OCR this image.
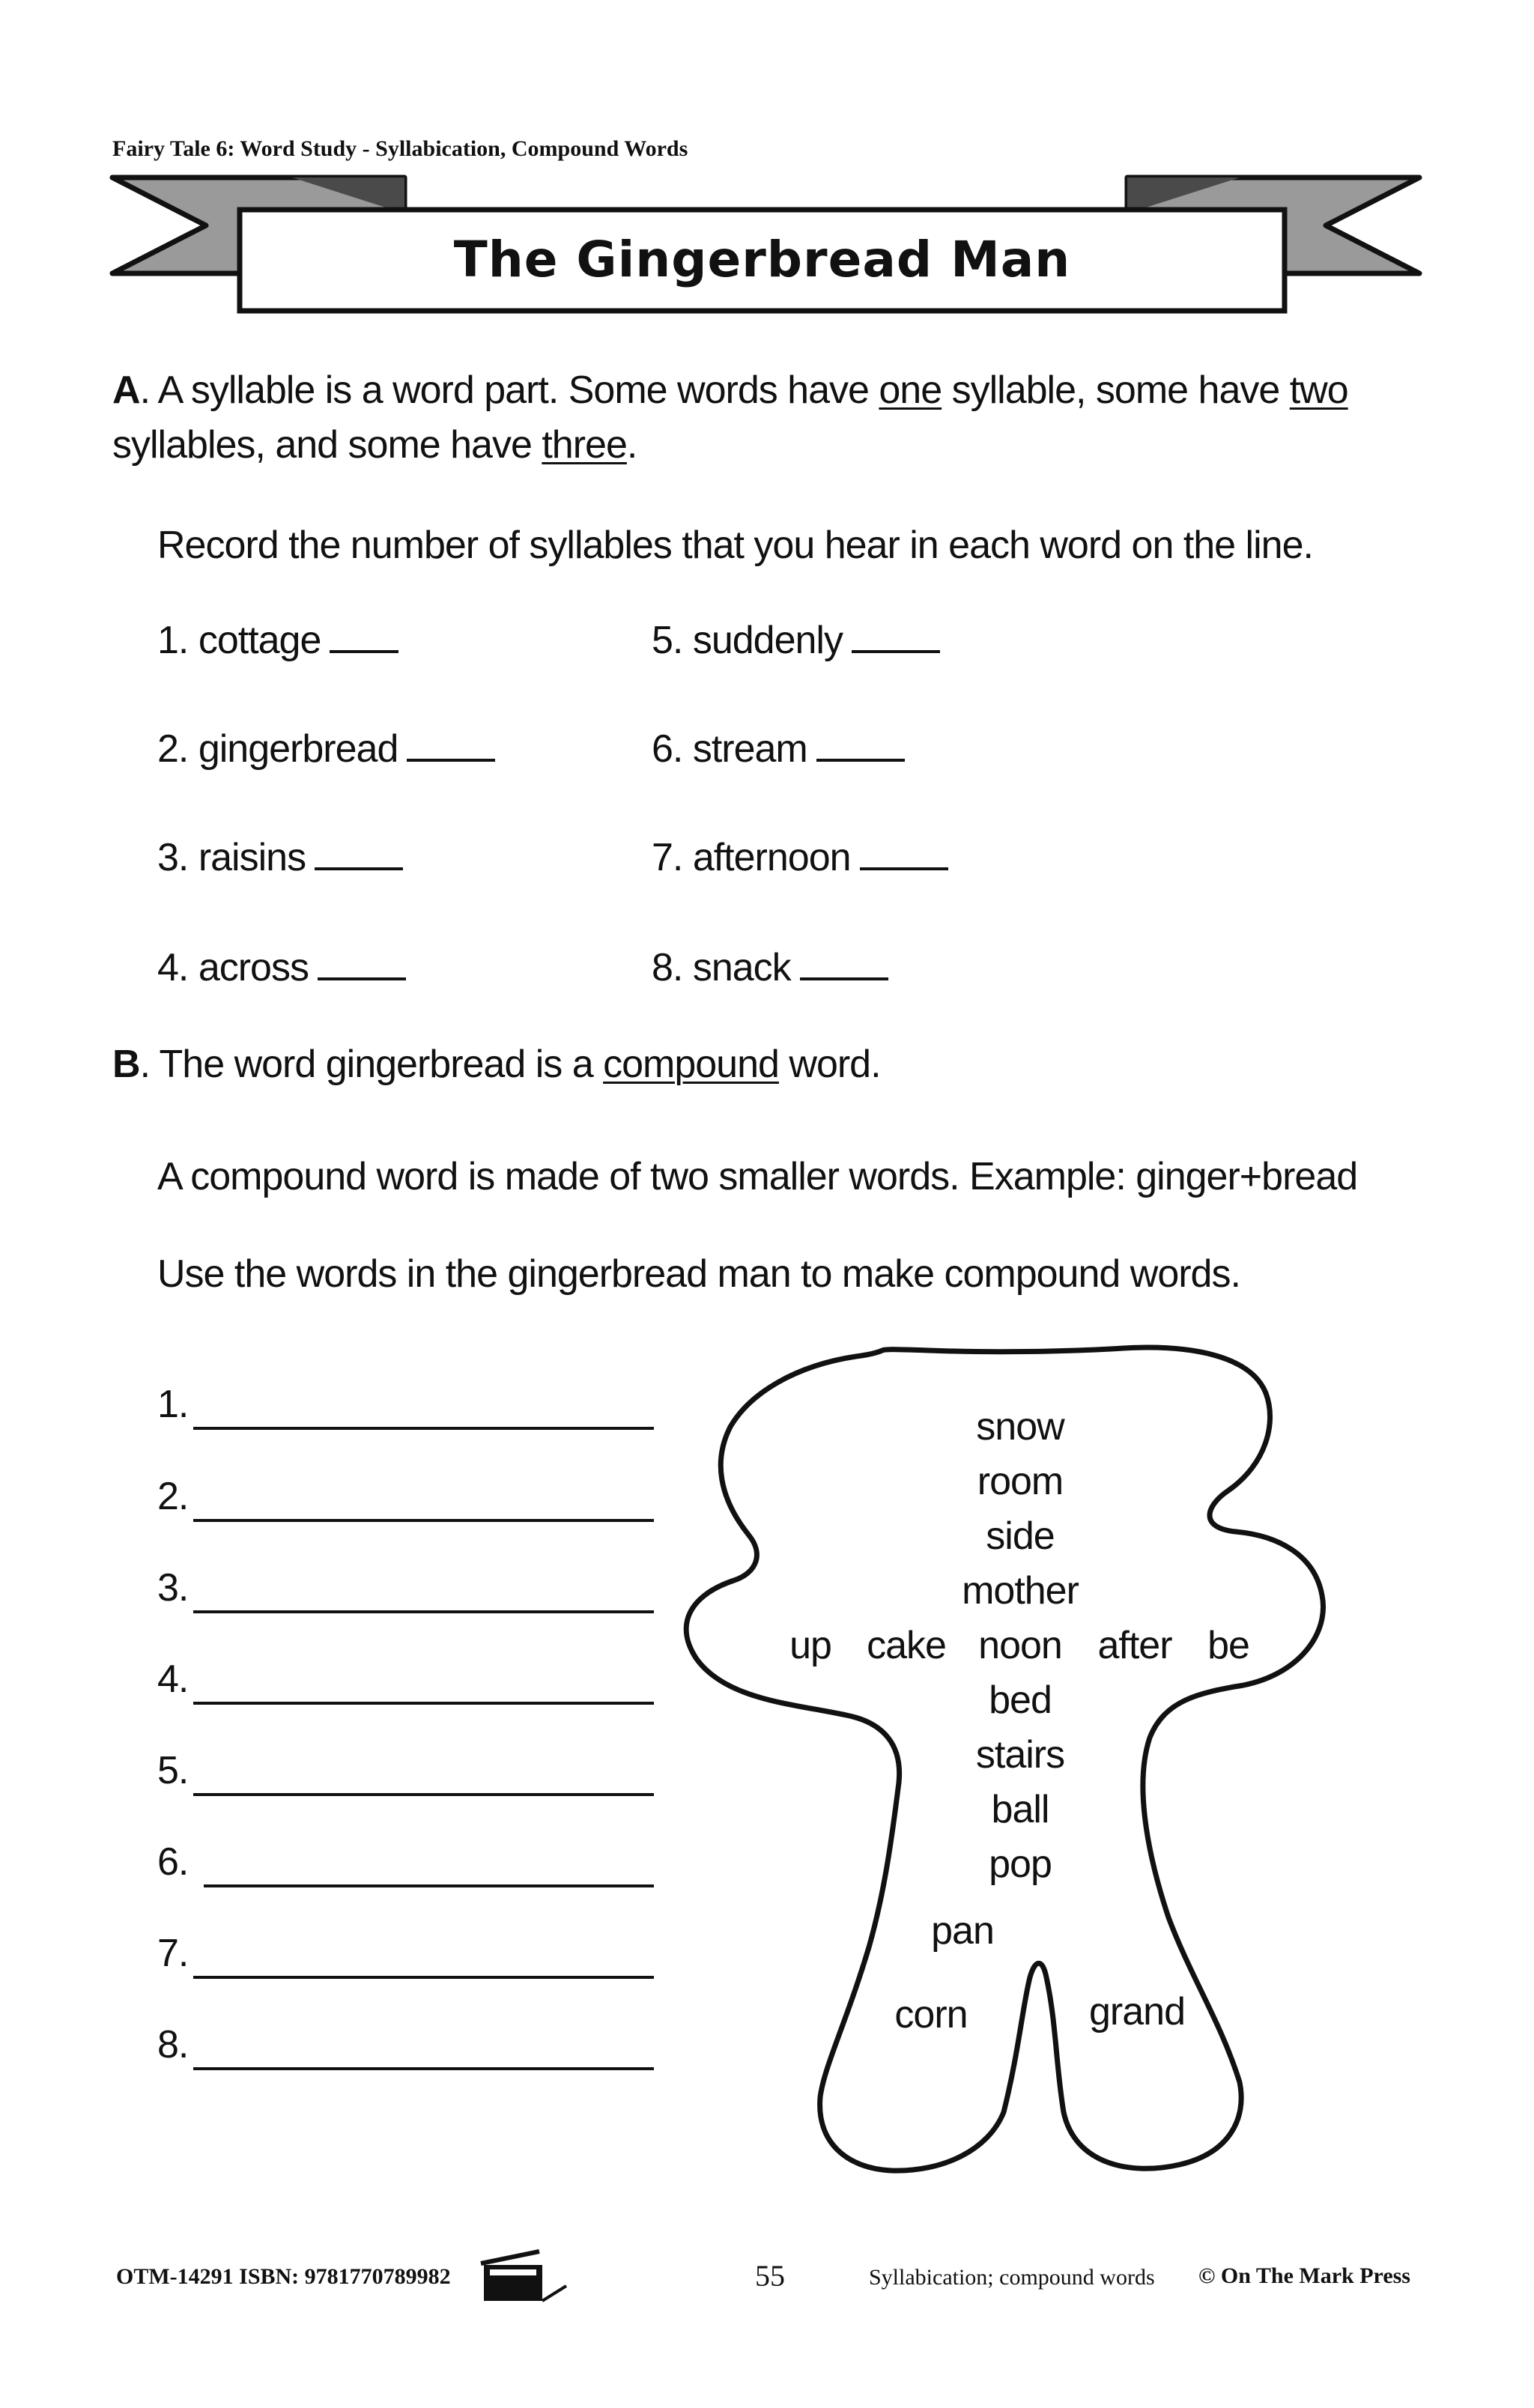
Fairy Tale 6: Word Study - Syllabication, Compound Words
The Gingerbread Man
A. A syllable is a word part. Some words have one syllable, some have two
syllables, and some have three.
Record the number of syllables that you hear in each word on the line.
1. cottage
2. gingerbread
3. raisins
4. across
5. suddenly
6. stream
7. afternoon
8. snack
B. The word gingerbread is a compound word.
A compound word is made of two smaller words. Example: ginger+bread
Use the words in the gingerbread man to make compound words.
1.
2.
3.
4.
5.
6.
7.
8.
snow
room
side
mother
up cake noon after be
bed
stairs
ball
pop
pan
corn	grand
OTM-14291 ISBN: 9781770789982	55	Syllabication; compound words © On The Mark Press
